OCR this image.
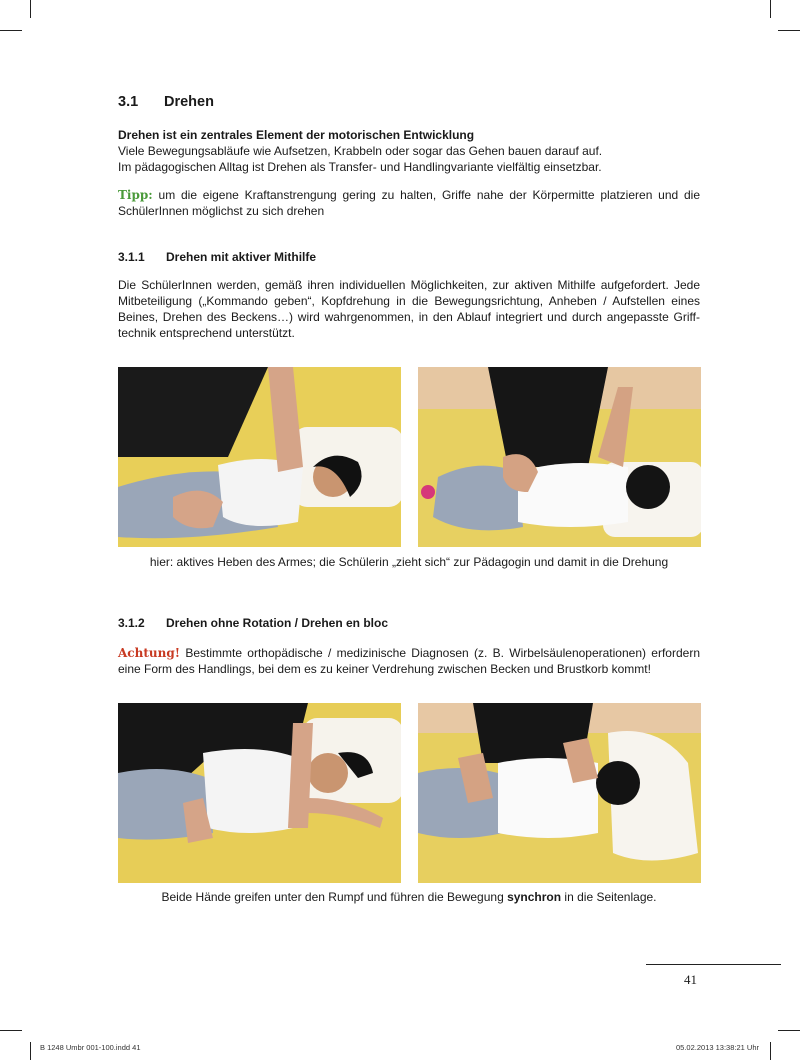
3.1 Drehen
Drehen ist ein zentrales Element der motorischen Entwicklung
Viele Bewegungsabläufe wie Aufsetzen, Krabbeln oder sogar das Gehen bauen darauf auf.
Im pädagogischen Alltag ist Drehen als Transfer- und Handlingvariante vielfältig einsetzbar.
Tipp: um die eigene Kraftanstrengung gering zu halten, Griffe nahe der Körpermitte platzieren und die SchülerInnen möglichst zu sich drehen
3.1.1 Drehen mit aktiver Mithilfe
Die SchülerInnen werden, gemäß ihren individuellen Möglichkeiten, zur aktiven Mithilfe aufgefordert. Jede Mitbeteiligung („Kommando geben“, Kopfdrehung in die Bewegungsrichtung, Anheben / Aufstellen eines Beines, Drehen des Beckens…) wird wahrgenommen, in den Ablauf integriert und durch angepasste Griff-technik entsprechend unterstützt.
hier: aktives Heben des Armes; die Schülerin „zieht sich“ zur Pädagogin und damit in die Drehung
3.1.2 Drehen ohne Rotation / Drehen en bloc
Achtung! Bestimmte orthopädische / medizinische Diagnosen (z. B. Wirbelsäulenoperationen) erfordern eine Form des Handlings, bei dem es zu keiner Verdrehung zwischen Becken und Brustkorb kommt!
Beide Hände greifen unter den Rumpf und führen die Bewegung synchron in die Seitenlage.
41
B 1248 Umbr 001-100.indd 41	05.02.2013 13:38:21 Uhr
